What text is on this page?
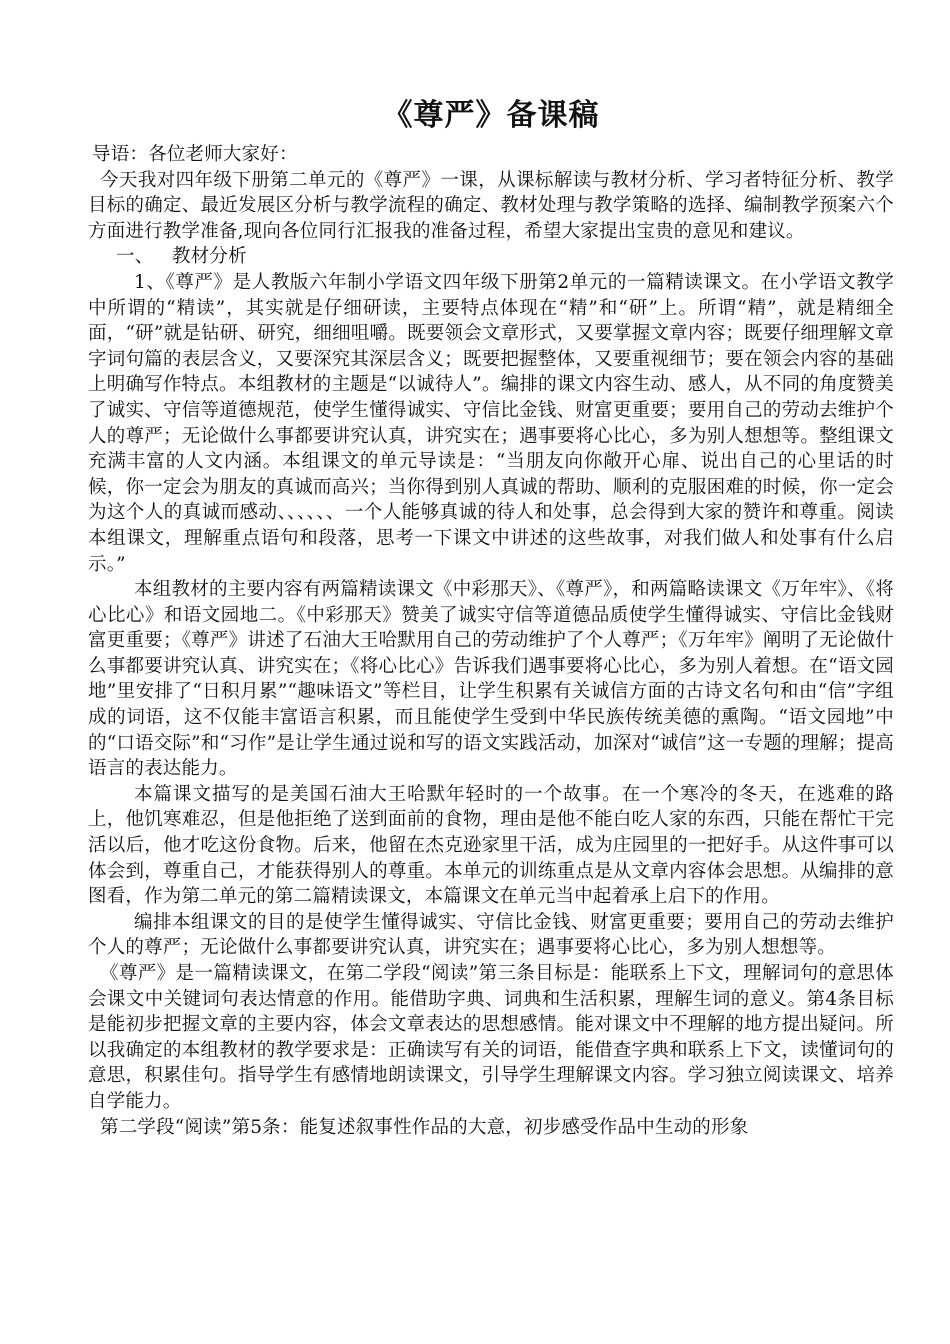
《尊严》备课稿

导语：各位老师大家好：

今天我对四年级下册第二单元的《尊严》一课，从课标解读与教材分析、学习者特征分析、教学目标的确定、最近发展区分析与教学流程的确定、教材处理与教学策略的选择、编制教学预案六个方面进行教学准备,现向各位同行汇报我的准备过程，希望大家提出宝贵的意见和建议。

一、 教材分析

1、《尊严》是人教版六年制小学语文四年级下册第2单元的一篇精读课文。在小学语文教学中所谓的“精读”，其实就是仔细研读，主要特点体现在“精”和“研”上。所谓“精”，就是精细全面，“研”就是钻研、研究，细细咀嚼。既要领会文章形式，又要掌握文章内容；既要仔细理解文章字词句篇的表层含义，又要深究其深层含义；既要把握整体，又要重视细节；要在领会内容的基础上明确写作特点。本组教材的主题是“以诚待人”。编排的课文内容生动、感人，从不同的角度赞美了诚实、守信等道德规范，使学生懂得诚实、守信比金钱、财富更重要；要用自己的劳动去维护个人的尊严；无论做什么事都要讲究认真，讲究实在；遇事要将心比心，多为别人想想等。整组课文充满丰富的人文内涵。本组课文的单元导读是：“当朋友向你敞开心扉、说出自己的心里话的时候，你一定会为朋友的真诚而高兴；当你得到别人真诚的帮助、顺利的克服困难的时候，你一定会为这个人的真诚而感动、、、、、、一个人能够真诚的待人和处事，总会得到大家的赞许和尊重。阅读本组课文，理解重点语句和段落，思考一下课文中讲述的这些故事，对我们做人和处事有什么启示。”

本组教材的主要内容有两篇精读课文《中彩那天》、《尊严》，和两篇略读课文《万年牢》、《将心比心》和语文园地二。《中彩那天》赞美了诚实守信等道德品质使学生懂得诚实、守信比金钱财富更重要；《尊严》讲述了石油大王哈默用自己的劳动维护了个人尊严；《万年牢》阐明了无论做什么事都要讲究认真、讲究实在；《将心比心》告诉我们遇事要将心比心，多为别人着想。在“语文园地”里安排了“日积月累”“趣味语文”等栏目，让学生积累有关诚信方面的古诗文名句和由“信”字组成的词语，这不仅能丰富语言积累，而且能使学生受到中华民族传统美德的熏陶。“语文园地”中的“口语交际”和“习作”是让学生通过说和写的语文实践活动，加深对“诚信”这一专题的理解；提高语言的表达能力。

本篇课文描写的是美国石油大王哈默年轻时的一个故事。在一个寒冷的冬天，在逃难的路上，他饥寒难忍，但是他拒绝了送到面前的食物，理由是他不能白吃人家的东西，只能在帮忙干完活以后，他才吃这份食物。后来，他留在杰克逊家里干活，成为庄园里的一把好手。从这件事可以体会到，尊重自己，才能获得别人的尊重。本单元的训练重点是从文章内容体会思想。从编排的意图看，作为第二单元的第二篇精读课文，本篇课文在单元当中起着承上启下的作用。

编排本组课文的目的是使学生懂得诚实、守信比金钱、财富更重要；要用自己的劳动去维护个人的尊严；无论做什么事都要讲究认真，讲究实在；遇事要将心比心，多为别人想想等。

《尊严》是一篇精读课文，在第二学段“阅读”第三条目标是：能联系上下文，理解词句的意思体会课文中关键词句表达情意的作用。能借助字典、词典和生活积累，理解生词的意义。第4条目标是能初步把握文章的主要内容，体会文章表达的思想感情。能对课文中不理解的地方提出疑问。所以我确定的本组教材的教学要求是：正确读写有关的词语，能借查字典和联系上下文，读懂词句的意思，积累佳句。指导学生有感情地朗读课文，引导学生理解课文内容。学习独立阅读课文、培养自学能力。

第二学段“阅读”第5条：能复述叙事性作品的大意，初步感受作品中生动的形象
